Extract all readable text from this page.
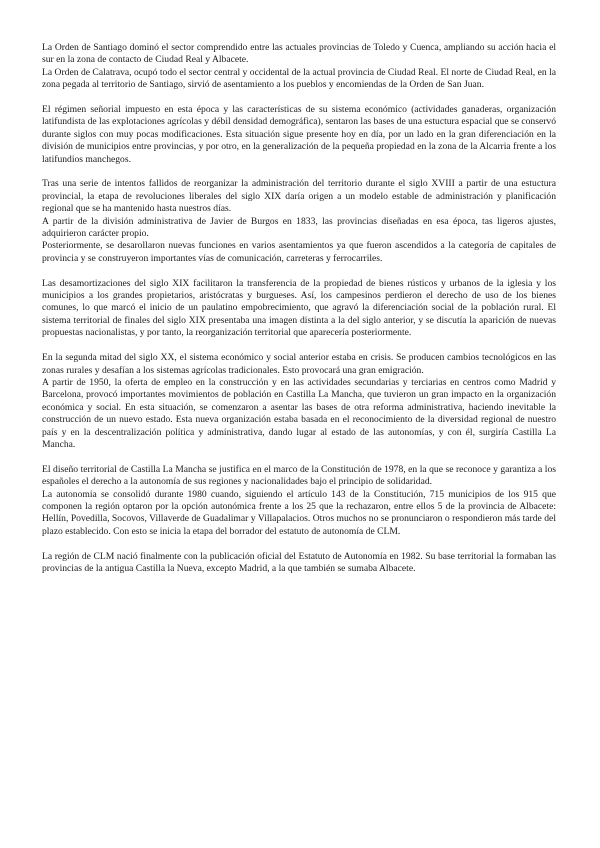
La Orden de Santiago dominó el sector comprendido entre las actuales provincias de Toledo y Cuenca, ampliando su acción hacia el sur en la zona de contacto de Ciudad Real y Albacete.

La Orden de Calatrava, ocupó todo el sector central y occidental de la actual provincia de Ciudad Real. El norte de Ciudad Real, en la zona pegada al territorio de Santiago, sirvió de asentamiento a los pueblos y encomiendas de la Orden de San Juan.

El régimen señorial impuesto en esta época y las características de su sistema económico (actividades ganaderas, organización latifundista de las explotaciones agrícolas y débil densidad demográfica), sentaron las bases de una estuctura espacial que se conservó durante siglos con muy pocas modificaciones. Esta situación sigue presente hoy en día, por un lado en la gran diferenciación en la división de municipios entre provincias, y por otro, en la generalización de la pequeña propiedad en la zona de la Alcarria frente a los latifundios manchegos.

Tras una serie de intentos fallidos de reorganizar la administración del territorio durante el siglo XVIII a partir de una estuctura provincial, la etapa de revoluciones liberales del siglo XIX daría origen a un modelo estable de administración y planificación regional que se ha mantenido hasta nuestros días.

A partir de la división administrativa de Javier de Burgos en 1833, las provincias diseñadas en esa época, tas ligeros ajustes, adquirieron carácter propio.

Posteriormente, se desarollaron nuevas funciones en varios asentamientos ya que fueron ascendidos a la categoría de capitales de provincia y se construyeron importantes vías de comunicación, carreteras y ferrocarriles.

Las desamortizaciones del siglo XIX facilitaron la transferencia de la propiedad de bienes rústicos y urbanos de la iglesia y los municipios a los grandes propietarios, aristócratas y burgueses. Así, los campesinos perdieron el derecho de uso de los bienes comunes, lo que marcó el inicio de un paulatino empobrecimiento, que agravó la diferenciación social de la población rural. El sistema territorial de finales del siglo XIX presentaba una imagen distinta a la del siglo anterior, y se discutía la aparición de nuevas propuestas nacionalistas, y por tanto, la reorganización territorial que aparecería posteriormente.

En la segunda mitad del siglo XX, el sistema económico y social anterior estaba en crisis. Se producen cambios tecnológicos en las zonas rurales y desafían a los sistemas agrícolas tradicionales. Esto provocará una gran emigración.

A partir de 1950, la oferta de empleo en la construcción y en las actividades secundarias y terciarias en centros como Madrid y Barcelona, provocó importantes movimientos de población en Castilla La Mancha, que tuvieron un gran impacto en la organización económica y social. En esta situación, se comenzaron a asentar las bases de otra reforma administrativa, haciendo inevitable la construcción de un nuevo estado. Esta nueva organización estaba basada en el reconocimiento de la diversidad regional de nuestro país y en la descentralización política y administrativa, dando lugar al estado de las autonomías, y con él, surgiría Castilla La Mancha.

El diseño territorial de Castilla La Mancha se justifica en el marco de la Constitución de 1978, en la que se reconoce y garantiza a los españoles el derecho a la autonomía de sus regiones y nacionalidades bajo el principio de solidaridad.

La autonomía se consolidó durante 1980 cuando, siguiendo el artículo 143 de la Constitución, 715 municipios de los 915 que componen la región optaron por la opción autonómica frente a los 25 que la rechazaron, entre ellos 5 de la provincia de Albacete: Hellín, Povedilla, Socovos, Villaverde de Guadalimar y Villapalacios. Otros muchos no se pronunciaron o respondieron más tarde del plazo establecido. Con esto se inicia la etapa del borrador del estatuto de autonomía de CLM.

La región de CLM nació finalmente con la publicación oficial del Estatuto de Autonomía en 1982. Su base territorial la formaban las provincias de la antigua Castilla la Nueva, excepto Madrid, a la que también se sumaba Albacete.
